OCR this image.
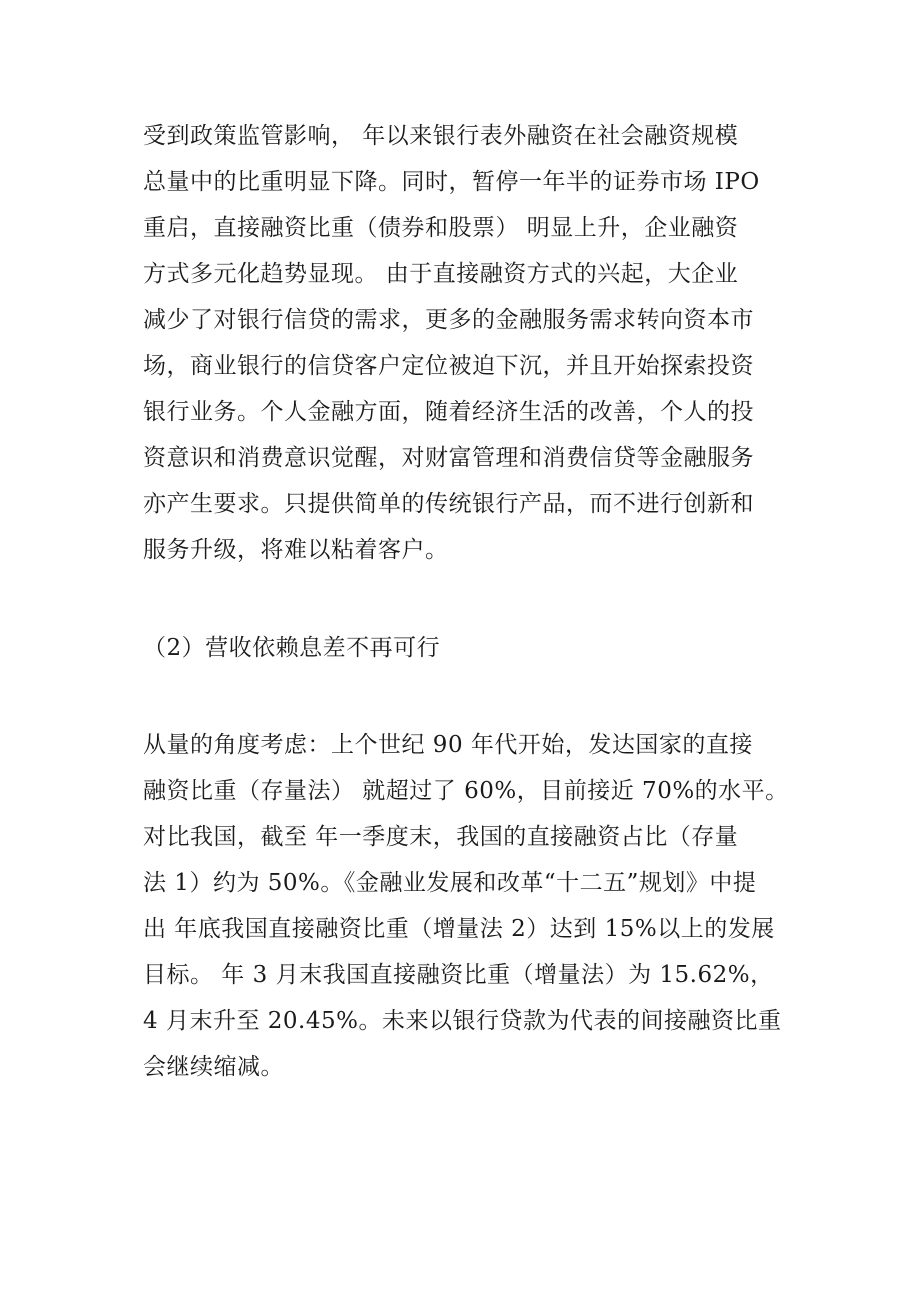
受到政策监管影响， 年以来银行表外融资在社会融资规模
总量中的比重明显下降。同时，暂停一年半的证券市场 IPO
重启，直接融资比重（债券和股票） 明显上升，企业融资
方式多元化趋势显现。 由于直接融资方式的兴起，大企业
减少了对银行信贷的需求，更多的金融服务需求转向资本市
场，商业银行的信贷客户定位被迫下沉，并且开始探索投资
银行业务。个人金融方面，随着经济生活的改善，个人的投
资意识和消费意识觉醒，对财富管理和消费信贷等金融服务
亦产生要求。只提供简单的传统银行产品，而不进行创新和
服务升级，将难以粘着客户。
（2）营收依赖息差不再可行
从量的角度考虑：上个世纪 90 年代开始，发达国家的直接
融资比重（存量法） 就超过了 60%，目前接近 70%的水平。
对比我国，截至 年一季度末，我国的直接融资占比（存量
法 1）约为 50%。《金融业发展和改革“十二五”规划》中提
出 年底我国直接融资比重（增量法 2）达到 15%以上的发展
目标。 年 3 月末我国直接融资比重（增量法）为 15.62%，
4 月末升至 20.45%。未来以银行贷款为代表的间接融资比重
会继续缩减。
